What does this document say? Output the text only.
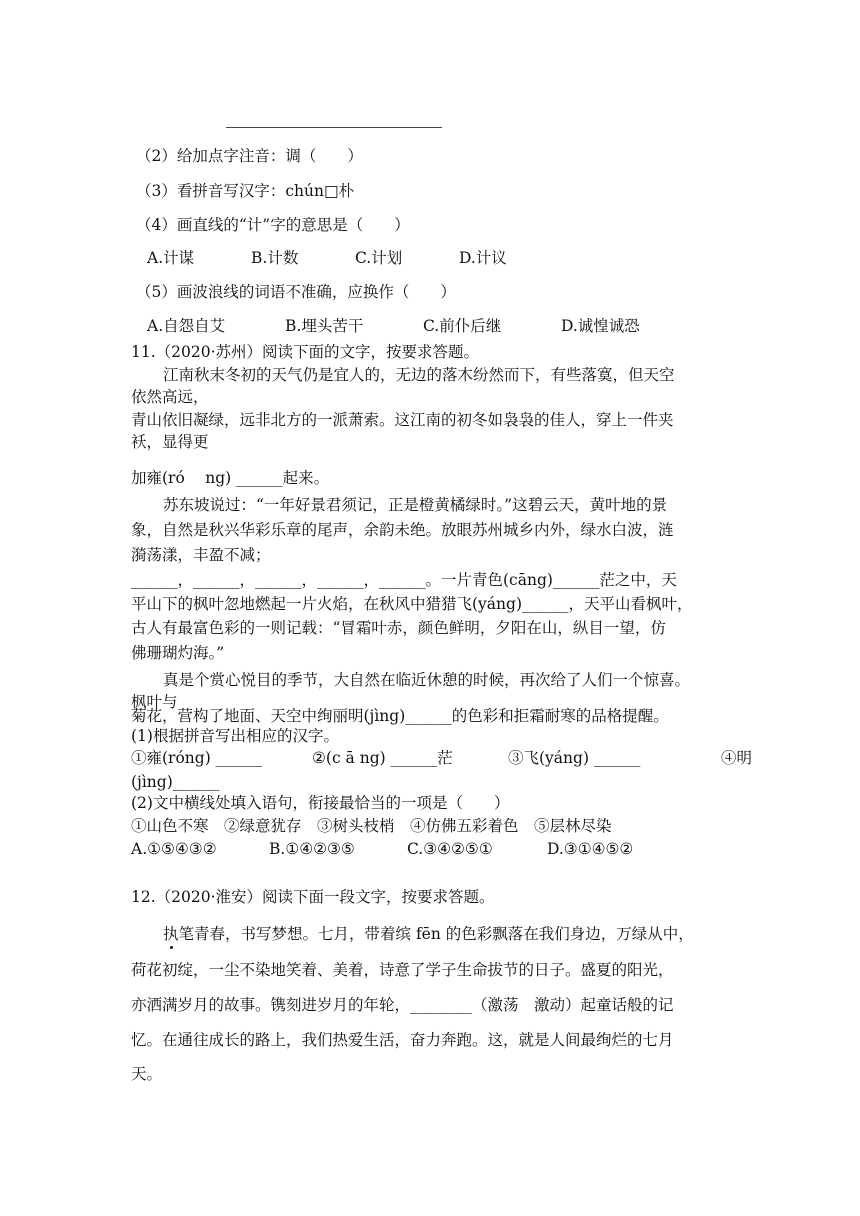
（2）给加点字注音：调（　　）
（3）看拼音写汉字：chún□朴
（4）画直线的“计”字的意思是（　　）
A.计谋	B.计数	C.计划	D.计议
（5）画波浪线的词语不准确，应换作（　　）
A.自怨自艾	B.埋头苦干	C.前仆后继	D.诚惶诚恐
11.（2020·苏州）阅读下面的文字，按要求答题。
江南秋末冬初的天气仍是宜人的，无边的落木纷然而下，有些落寞，但天空
依然高远，
青山依旧凝绿，远非北方的一派萧索。这江南的初冬如袅袅的佳人，穿上一件夹
袄，显得更
加雍(ró　 ng) ______起来。
苏东坡说过：“一年好景君须记，正是橙黄橘绿时。”这碧云天，黄叶地的景
象，自然是秋兴华彩乐章的尾声，余韵未绝。放眼苏州城乡内外，绿水白波，涟
漪荡漾，丰盈不减；
______，______，______，______，______。一片青色(cāng)______茫之中，天
平山下的枫叶忽地燃起一片火焰，在秋风中猎猎飞(yáng)______，天平山看枫叶，
古人有最富色彩的一则记载：“冒霜叶赤，颜色鲜明，夕阳在山，纵目一望，仿
佛珊瑚灼海。”
真是个赏心悦目的季节，大自然在临近休憩的时候，再次给了人们一个惊喜。
枫叶与
菊花，营构了地面、天空中绚丽明(jìng)______的色彩和拒霜耐寒的品格提醒。
(1)根据拼音写出相应的汉字。
①雍(róng) ______	②(c ā ng) ______茫	③飞(yáng) ______	④明
(jìng)______
(2)文中横线处填入语句，衔接最恰当的一项是（　　）
①山色不寒　②绿意犹存　③树头枝梢　④仿佛五彩着色　⑤层林尽染
A.①⑤④③②	B.①④②③⑤	C.③④②⑤①	D.③①④⑤②
12.（2020·淮安）阅读下面一段文字，按要求答题。
执笔青春，书写梦想。七月，带着缤 fēn 的色彩飘落在我们身边，万绿从中，
荷花初绽，一尘不染地笑着、美着，诗意了学子生命拔节的日子。盛夏的阳光，
亦洒满岁月的故事。镌刻进岁月的年轮，________（激荡　激动）起童话般的记
忆。在通往成长的路上，我们热爱生活，奋力奔跑。这，就是人间最绚烂的七月
天。
